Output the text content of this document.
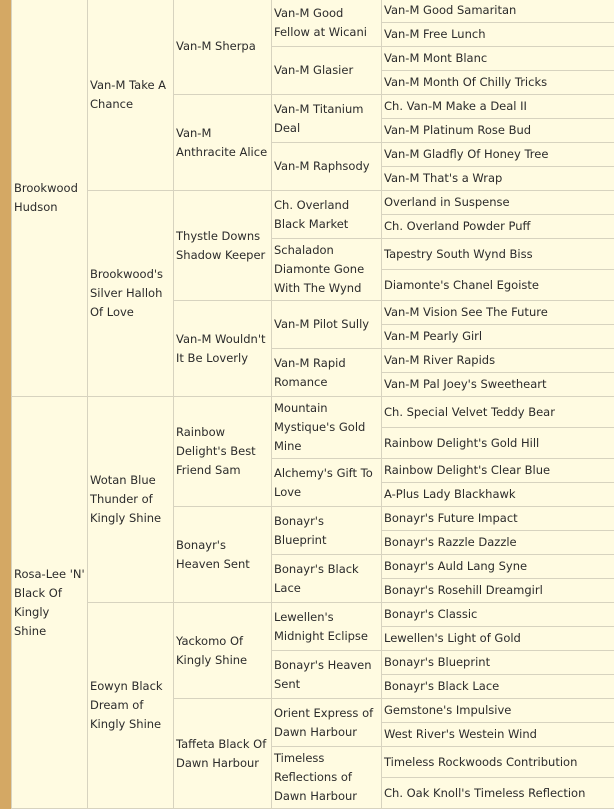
Brookwood Hudson	Van-M Take A Chance	Van-M Sherpa	Van-M Good Fellow at Wicani	Van-M Good Samaritan
				Van-M Free Lunch
			Van-M Glasier	Van-M Mont Blanc
				Van-M Month Of Chilly Tricks
		Van-M Anthracite Alice	Van-M Titanium Deal	Ch. Van-M Make a Deal II
				Van-M Platinum Rose Bud
			Van-M Raphsody	Van-M Gladfly Of Honey Tree
				Van-M That's a Wrap
	Brookwood's Silver Halloh Of Love	Thystle Downs Shadow Keeper	Ch. Overland Black Market	Overland in Suspense
				Ch. Overland Powder Puff
			Schaladon Diamonte Gone With The Wynd	Tapestry South Wynd Biss
				Diamonte's Chanel Egoiste
		Van-M Wouldn't It Be Loverly	Van-M Pilot Sully	Van-M Vision See The Future
				Van-M Pearly Girl
			Van-M Rapid Romance	Van-M River Rapids
				Van-M Pal Joey's Sweetheart
Rosa-Lee 'N' Black Of Kingly Shine	Wotan Blue Thunder of Kingly Shine	Rainbow Delight's Best Friend Sam	Mountain Mystique's Gold Mine	Ch. Special Velvet Teddy Bear
				Rainbow Delight's Gold Hill
			Alchemy's Gift To Love	Rainbow Delight's Clear Blue
				A-Plus Lady Blackhawk
		Bonayr's Heaven Sent	Bonayr's Blueprint	Bonayr's Future Impact
				Bonayr's Razzle Dazzle
			Bonayr's Black Lace	Bonayr's Auld Lang Syne
				Bonayr's Rosehill Dreamgirl
	Eowyn Black Dream of Kingly Shine	Yackomo Of Kingly Shine	Lewellen's Midnight Eclipse	Bonayr's Classic
				Lewellen's Light of Gold
			Bonayr's Heaven Sent	Bonayr's Blueprint
				Bonayr's Black Lace
		Taffeta Black Of Dawn Harbour	Orient Express of Dawn Harbour	Gemstone's Impulsive
				West River's Westein Wind
			Timeless Reflections of Dawn Harbour	Timeless Rockwoods Contribution
				Ch. Oak Knoll's Timeless Reflection
